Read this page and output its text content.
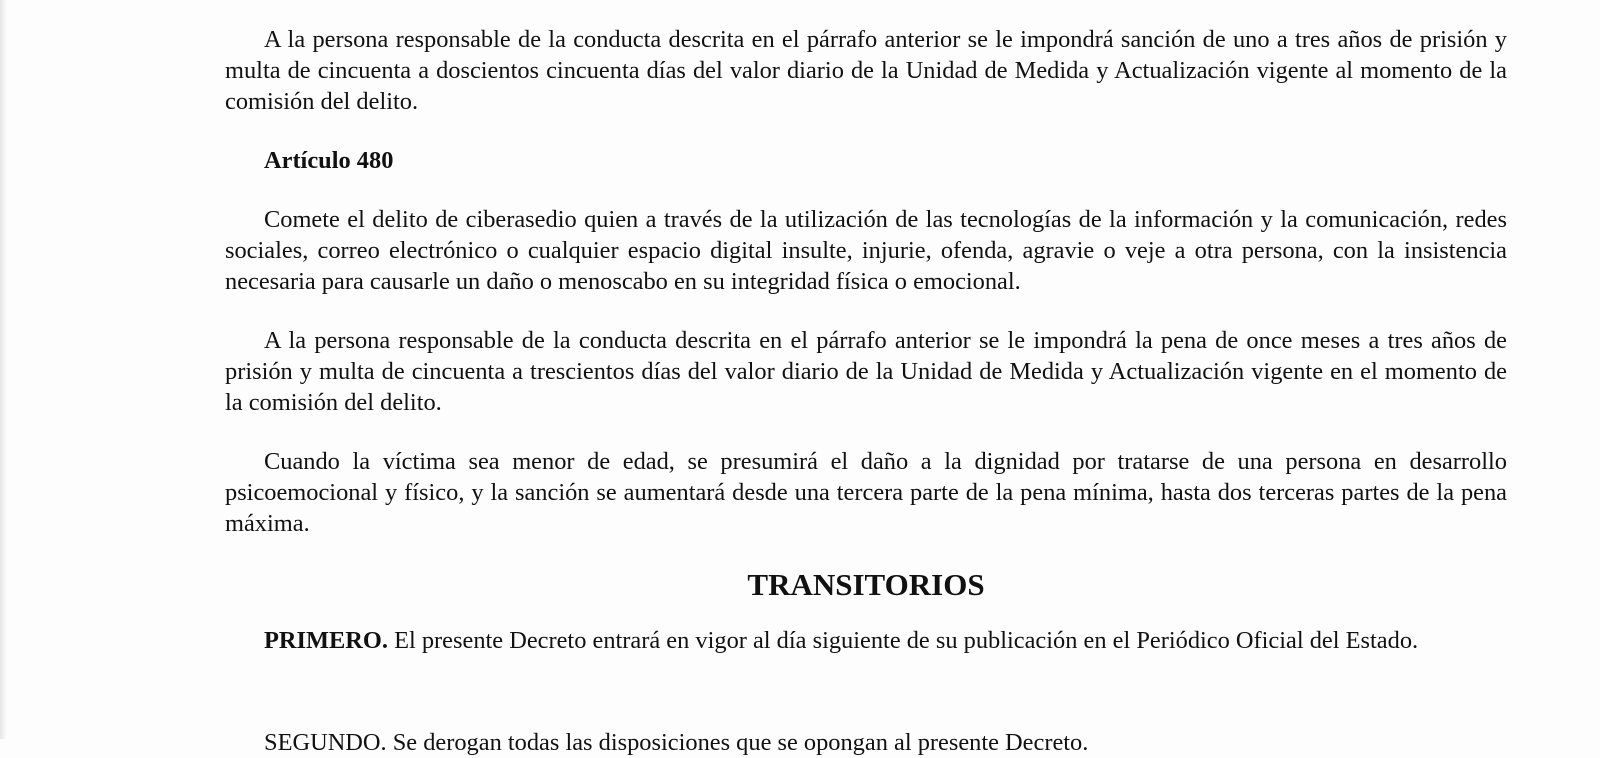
A la persona responsable de la conducta descrita en el párrafo anterior se le impondrá sanción de uno a tres años de prisión y multa de cincuenta a doscientos cincuenta días del valor diario de la Unidad de Medida y Actualización vigente al momento de la comisión del delito.

Artículo 480

Comete el delito de ciberasedio quien a través de la utilización de las tecnologías de la información y la comunicación, redes sociales, correo electrónico o cualquier espacio digital insulte, injurie, ofenda, agravie o veje a otra persona, con la insistencia necesaria para causarle un daño o menoscabo en su integridad física o emocional.

A la persona responsable de la conducta descrita en el párrafo anterior se le impondrá la pena de once meses a tres años de prisión y multa de cincuenta a trescientos días del valor diario de la Unidad de Medida y Actualización vigente en el momento de la comisión del delito.

Cuando la víctima sea menor de edad, se presumirá el daño a la dignidad por tratarse de una persona en desarrollo psicoemocional y físico, y la sanción se aumentará desde una tercera parte de la pena mínima, hasta dos terceras partes de la pena máxima.

TRANSITORIOS

PRIMERO. El presente Decreto entrará en vigor al día siguiente de su publicación en el Periódico Oficial del Estado.

SEGUNDO. Se derogan todas las disposiciones que se opongan al presente Decreto.
